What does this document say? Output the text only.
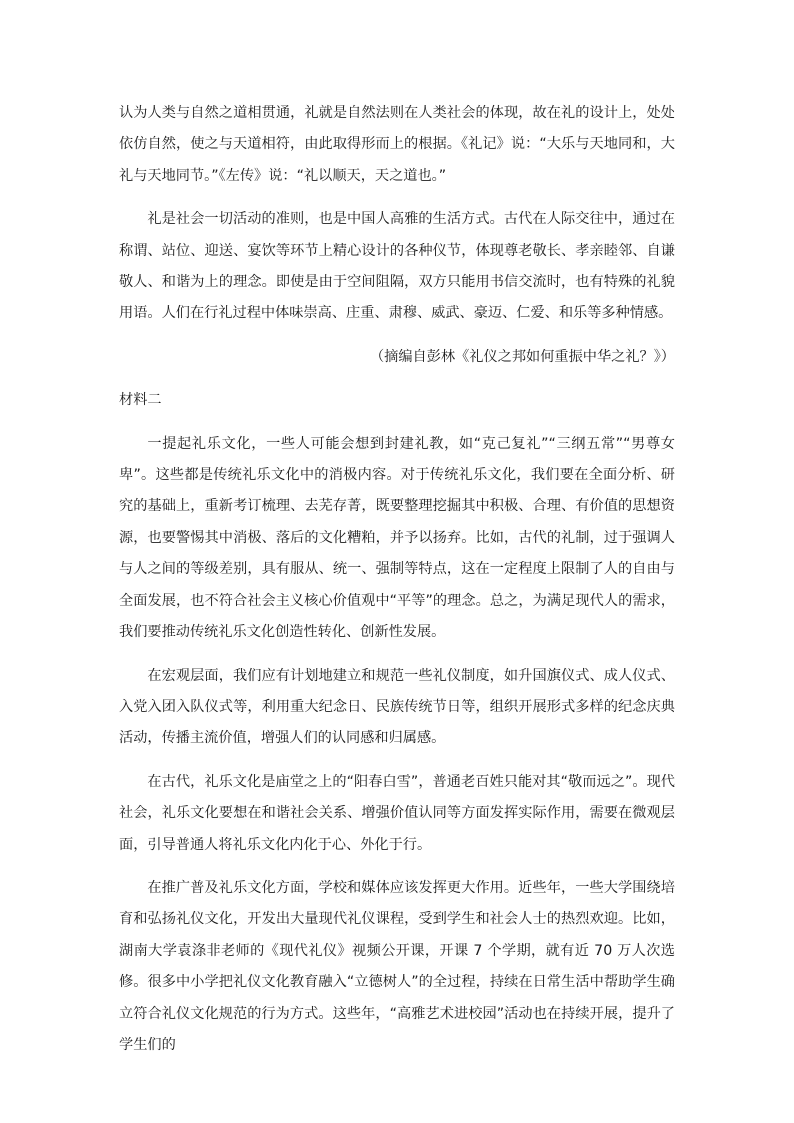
认为人类与自然之道相贯通，礼就是自然法则在人类社会的体现，故在礼的设计上，处处依仿自然，使之与天道相符，由此取得形而上的根据。《礼记》说：“大乐与天地同和，大礼与天地同节。”《左传》说：“礼以顺天，天之道也。”

礼是社会一切活动的准则，也是中国人高雅的生活方式。古代在人际交往中，通过在称谓、站位、迎送、宴饮等环节上精心设计的各种仪节，体现尊老敬长、孝亲睦邻、自谦敬人、和谐为上的理念。即使是由于空间阻隔，双方只能用书信交流时，也有特殊的礼貌用语。人们在行礼过程中体味崇高、庄重、肃穆、威武、豪迈、仁爱、和乐等多种情感。

（摘编自彭林《礼仪之邦如何重振中华之礼？》）

材料二

一提起礼乐文化，一些人可能会想到封建礼教，如“克己复礼”“三纲五常”“男尊女卑”。这些都是传统礼乐文化中的消极内容。对于传统礼乐文化，我们要在全面分析、研究的基础上，重新考订梳理、去芜存菁，既要整理挖掘其中积极、合理、有价值的思想资源，也要警惕其中消极、落后的文化糟粕，并予以扬弃。比如，古代的礼制，过于强调人与人之间的等级差别，具有服从、统一、强制等特点，这在一定程度上限制了人的自由与全面发展，也不符合社会主义核心价值观中“平等”的理念。总之，为满足现代人的需求，我们要推动传统礼乐文化创造性转化、创新性发展。

在宏观层面，我们应有计划地建立和规范一些礼仪制度，如升国旗仪式、成人仪式、入党入团入队仪式等，利用重大纪念日、民族传统节日等，组织开展形式多样的纪念庆典活动，传播主流价值，增强人们的认同感和归属感。

在古代，礼乐文化是庙堂之上的“阳春白雪”，普通老百姓只能对其“敬而远之”。现代社会，礼乐文化要想在和谐社会关系、增强价值认同等方面发挥实际作用，需要在微观层面，引导普通人将礼乐文化内化于心、外化于行。

在推广普及礼乐文化方面，学校和媒体应该发挥更大作用。近些年，一些大学围绕培育和弘扬礼仪文化，开发出大量现代礼仪课程，受到学生和社会人士的热烈欢迎。比如，湖南大学袁涤非老师的《现代礼仪》视频公开课，开课 7 个学期，就有近 70 万人次选修。很多中小学把礼仪文化教育融入“立德树人”的全过程，持续在日常生活中帮助学生确立符合礼仪文化规范的行为方式。这些年，“高雅艺术进校园”活动也在持续开展，提升了学生们的
